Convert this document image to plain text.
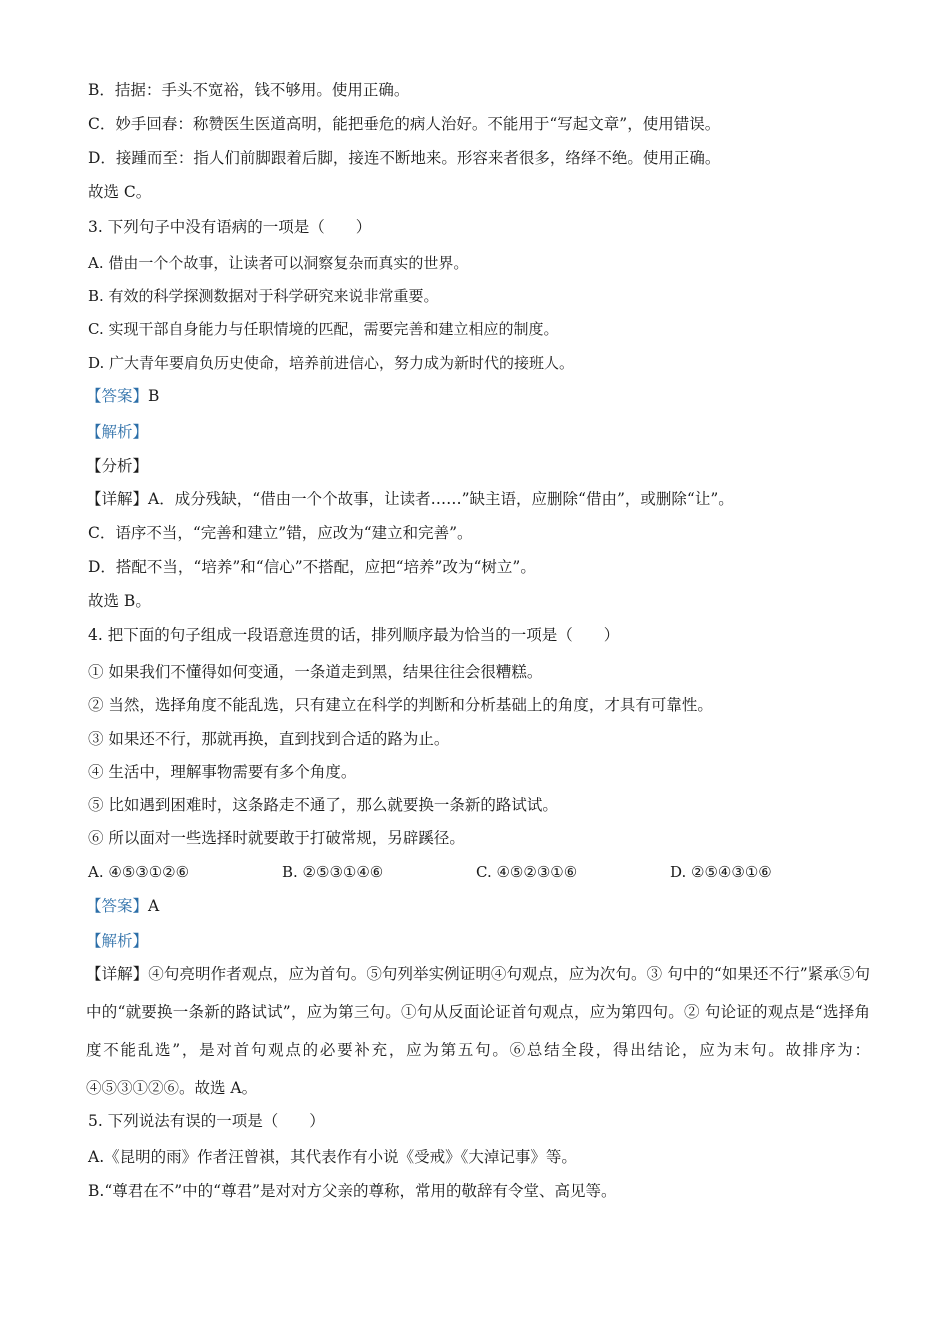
B．拮据：手头不宽裕，钱不够用。使用正确。
C．妙手回春：称赞医生医道高明，能把垂危的病人治好。不能用于“写起文章”，使用错误。
D．接踵而至：指人们前脚跟着后脚，接连不断地来。形容来者很多，络绎不绝。使用正确。
故选 C。
3. 下列句子中没有语病的一项是（　　）
A. 借由一个个故事，让读者可以洞察复杂而真实的世界。
B. 有效的科学探测数据对于科学研究来说非常重要。
C. 实现干部自身能力与任职情境的匹配，需要完善和建立相应的制度。
D. 广大青年要肩负历史使命，培养前进信心，努力成为新时代的接班人。
【答案】B
【解析】
【分析】
【详解】A．成分残缺，“借由一个个故事，让读者……”缺主语，应删除“借由”，或删除“让”。
C．语序不当，“完善和建立”错，应改为“建立和完善”。
D．搭配不当，“培养”和“信心”不搭配，应把“培养”改为“树立”。
故选 B。
4. 把下面的句子组成一段语意连贯的话，排列顺序最为恰当的一项是（　　）
① 如果我们不懂得如何变通，一条道走到黑，结果往往会很糟糕。
② 当然，选择角度不能乱选，只有建立在科学的判断和分析基础上的角度，才具有可靠性。
③ 如果还不行，那就再换，直到找到合适的路为止。
④ 生活中，理解事物需要有多个角度。
⑤ 比如遇到困难时，这条路走不通了，那么就要换一条新的路试试。
⑥ 所以面对一些选择时就要敢于打破常规，另辟蹊径。
A. ④⑤③①②⑥	B. ②⑤③①④⑥	C. ④⑤②③①⑥	D. ②⑤④③①⑥
【答案】A
【解析】
【详解】④句亮明作者观点，应为首句。⑤句列举实例证明④句观点，应为次句。③ 句中的“如果还不行”紧承⑤句中的“就要换一条新的路试试”，应为第三句。①句从反面论证首句观点，应为第四句。② 句论证的观点是“选择角度不能乱选”，是对首句观点的必要补充，应为第五句。⑥总结全段，得出结论，应为末句。故排序为：④⑤③①②⑥。故选 A。
5. 下列说法有误的一项是（　　）
A.《昆明的雨》作者汪曾祺，其代表作有小说《受戒》《大淖记事》等。
B.“尊君在不”中的“尊君”是对对方父亲的尊称，常用的敬辞有令堂、高见等。
